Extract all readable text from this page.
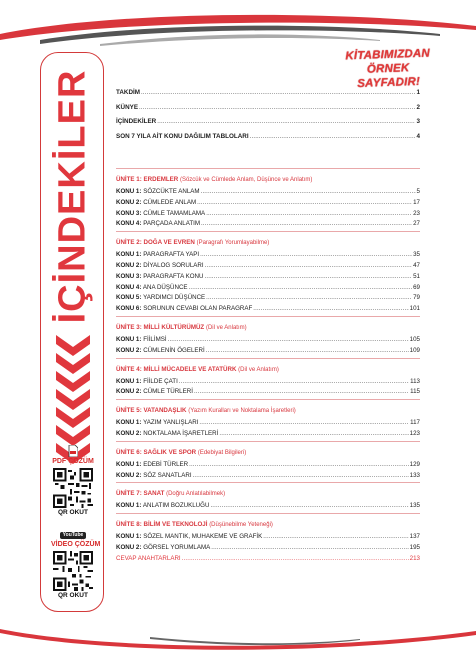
İÇİNDEKİLER
PDF ÇÖZÜM
QR OKUT
YouTube
VİDEO ÇÖZÜM
QR OKUT
KİTABIMIZDAN
ÖRNEK SAYFADIR!
TAKDİM .....	1
KÜNYE .....	2
İÇİNDEKİLER .....	3
SON 7 YILA AİT KONU DAĞILIM TABLOLARI .....	4
ÜNİTE 1: ERDEMLER (Sözcük ve Cümlede Anlam, Düşünce ve Anlatım)
KONU 1: SÖZCÜKTE ANLAM .....	5
KONU 2: CÜMLEDE ANLAM .....	17
KONU 3: CÜMLE TAMAMLAMA .....	23
KONU 4: PARÇADA ANLATIM .....	27
ÜNİTE 2: DOĞA VE EVREN (Paragrafı Yorumlayabilme)
KONU 1: PARAGRAFTA YAPI .....	35
KONU 2: DİYALOG SORULARI .....	47
KONU 3: PARAGRAFTA KONU .....	51
KONU 4: ANA DÜŞÜNCE .....	69
KONU 5: YARDIMCI DÜŞÜNCE .....	79
KONU 6: SORUNUN CEVABI OLAN PARAGRAF .....	101
ÜNİTE 3: MİLLİ KÜLTÜRÜMÜZ (Dil ve Anlatım)
KONU 1: FİİLİMSİ .....	105
KONU 2: CÜMLENİN ÖGELERİ .....	109
ÜNİTE 4: MİLLİ MÜCADELE VE ATATÜRK (Dil ve Anlatım)
KONU 1: FİİLDE ÇATI .....	113
KONU 2: CÜMLE TÜRLERİ .....	115
ÜNİTE 5: VATANDAŞLIK (Yazım Kuralları ve Noktalama İşaretleri)
KONU 1: YAZIM YANLIŞLARI .....	117
KONU 2: NOKTALAMA İŞARETLERİ .....	123
ÜNİTE 6: SAĞLIK VE SPOR (Edebiyat Bilgileri)
KONU 1: EDEBİ TÜRLER .....	129
KONU 2: SÖZ SANATLARI .....	133
ÜNİTE 7: SANAT (Doğru Anlatılabilmek)
KONU 1: ANLATIM BOZUKLUĞU .....	135
ÜNİTE 8: BİLİM VE TEKNOLOJİ (Düşünebilme Yeteneği)
KONU 1: SÖZEL MANTIK, MUHAKEME VE GRAFİK .....	137
KONU 2: GÖRSEL YORUMLAMA .....	195
CEVAP ANAHTARLARI .....	213
